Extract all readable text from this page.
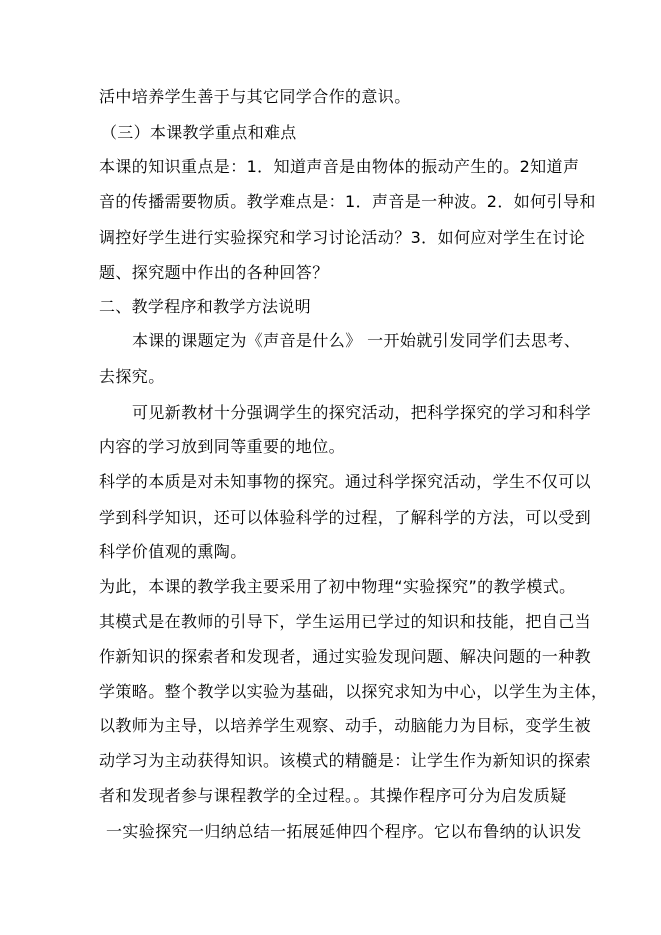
活中培养学生善于与其它同学合作的意识。
（三）本课教学重点和难点
本课的知识重点是：1．知道声音是由物体的振动产生的。2知道声
音的传播需要物质。教学难点是：1．声音是一种波。2．如何引导和
调控好学生进行实验探究和学习讨论活动？3．如何应对学生在讨论
题、探究题中作出的各种回答？
二、教学程序和教学方法说明
本课的课题定为《声音是什么》 一开始就引发同学们去思考、
去探究。
可见新教材十分强调学生的探究活动，把科学探究的学习和科学
内容的学习放到同等重要的地位。
科学的本质是对未知事物的探究。通过科学探究活动，学生不仅可以
学到科学知识，还可以体验科学的过程，了解科学的方法，可以受到
科学价值观的熏陶。
为此，本课的教学我主要采用了初中物理“实验探究”的教学模式。
其模式是在教师的引导下，学生运用已学过的知识和技能，把自己当
作新知识的探索者和发现者，通过实验发现问题、解决问题的一种教
学策略。整个教学以实验为基础，以探究求知为中心，以学生为主体，
以教师为主导，以培养学生观察、动手，动脑能力为目标，变学生被
动学习为主动获得知识。该模式的精髓是：让学生作为新知识的探索
者和发现者参与课程教学的全过程。。其操作程序可分为启发质疑
一实验探究一归纳总结一拓展延伸四个程序。它以布鲁纳的认识发
